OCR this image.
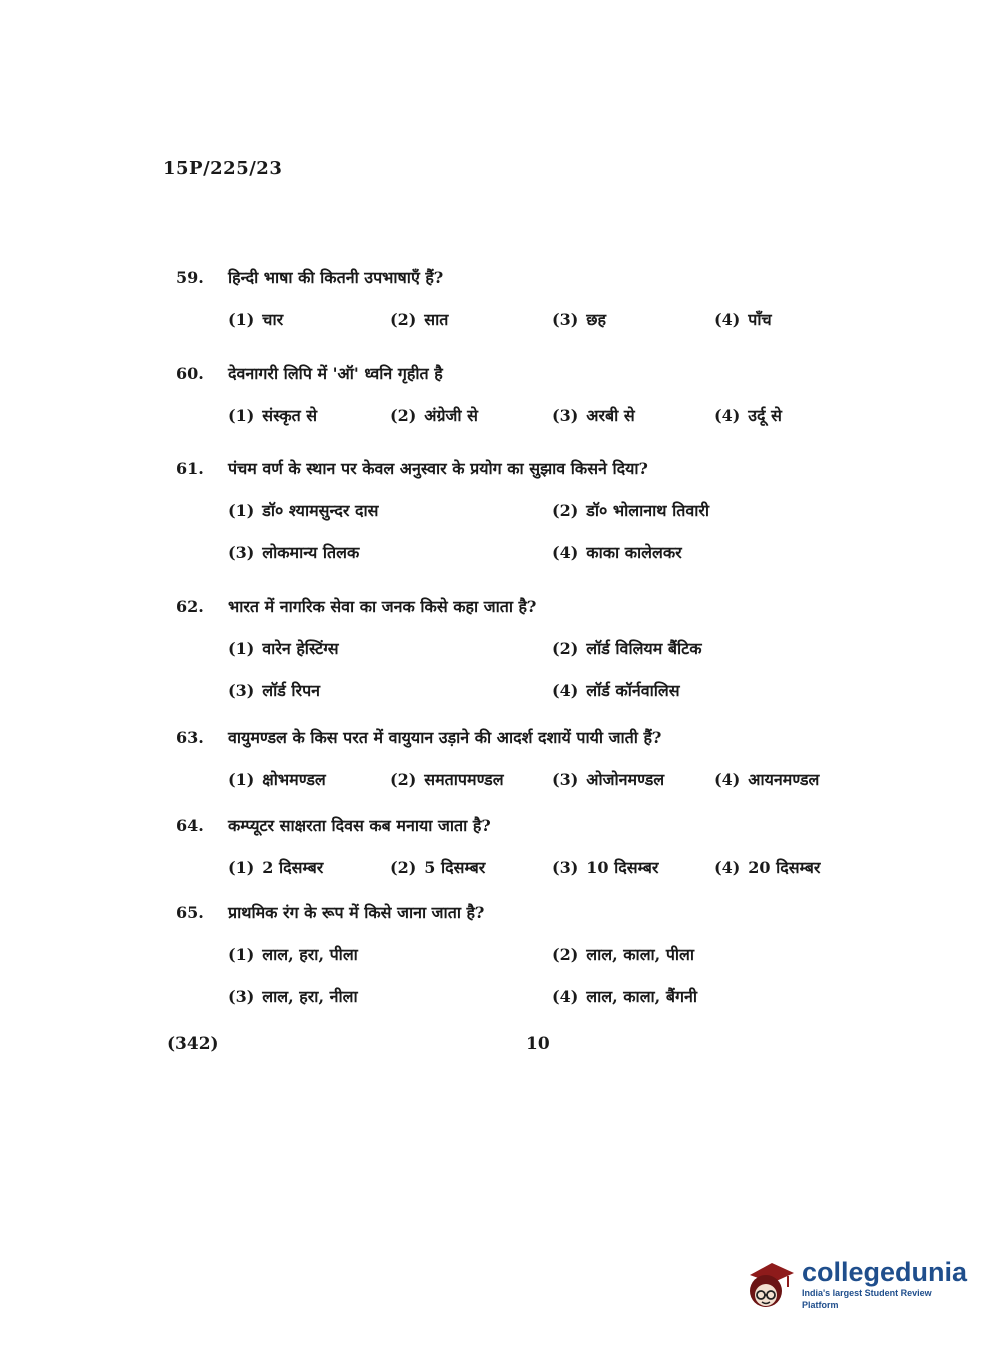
15P/225/23
59.	हिन्दी भाषा की कितनी उपभाषाएँ हैं?
(1) चार	(2) सात	(3) छह	(4) पाँच
60.	देवनागरी लिपि में 'ऑ' ध्वनि गृहीत है
(1) संस्कृत से	(2) अंग्रेजी से	(3) अरबी से	(4) उर्दू से
61.	पंचम वर्ण के स्थान पर केवल अनुस्वार के प्रयोग का सुझाव किसने दिया?
(1) डॉ० श्यामसुन्दर दास	(2) डॉ० भोलानाथ तिवारी
(3) लोकमान्य तिलक	(4) काका कालेलकर
62.	भारत में नागरिक सेवा का जनक किसे कहा जाता है?
(1) वारेन हेस्टिंग्स	(2) लॉर्ड विलियम बैंटिक
(3) लॉर्ड रिपन	(4) लॉर्ड कॉर्नवालिस
63.	वायुमण्डल के किस परत में वायुयान उड़ाने की आदर्श दशायें पायी जाती हैं?
(1) क्षोभमण्डल	(2) समतापमण्डल	(3) ओजोनमण्डल	(4) आयनमण्डल
64.	कम्प्यूटर साक्षरता दिवस कब मनाया जाता है?
(1) 2 दिसम्बर	(2) 5 दिसम्बर	(3) 10 दिसम्बर	(4) 20 दिसम्बर
65.	प्राथमिक रंग के रूप में किसे जाना जाता है?
(1) लाल, हरा, पीला	(2) लाल, काला, पीला
(3) लाल, हरा, नीला	(4) लाल, काला, बैंगनी
(342)	10
collegedunia
India's largest Student Review Platform
